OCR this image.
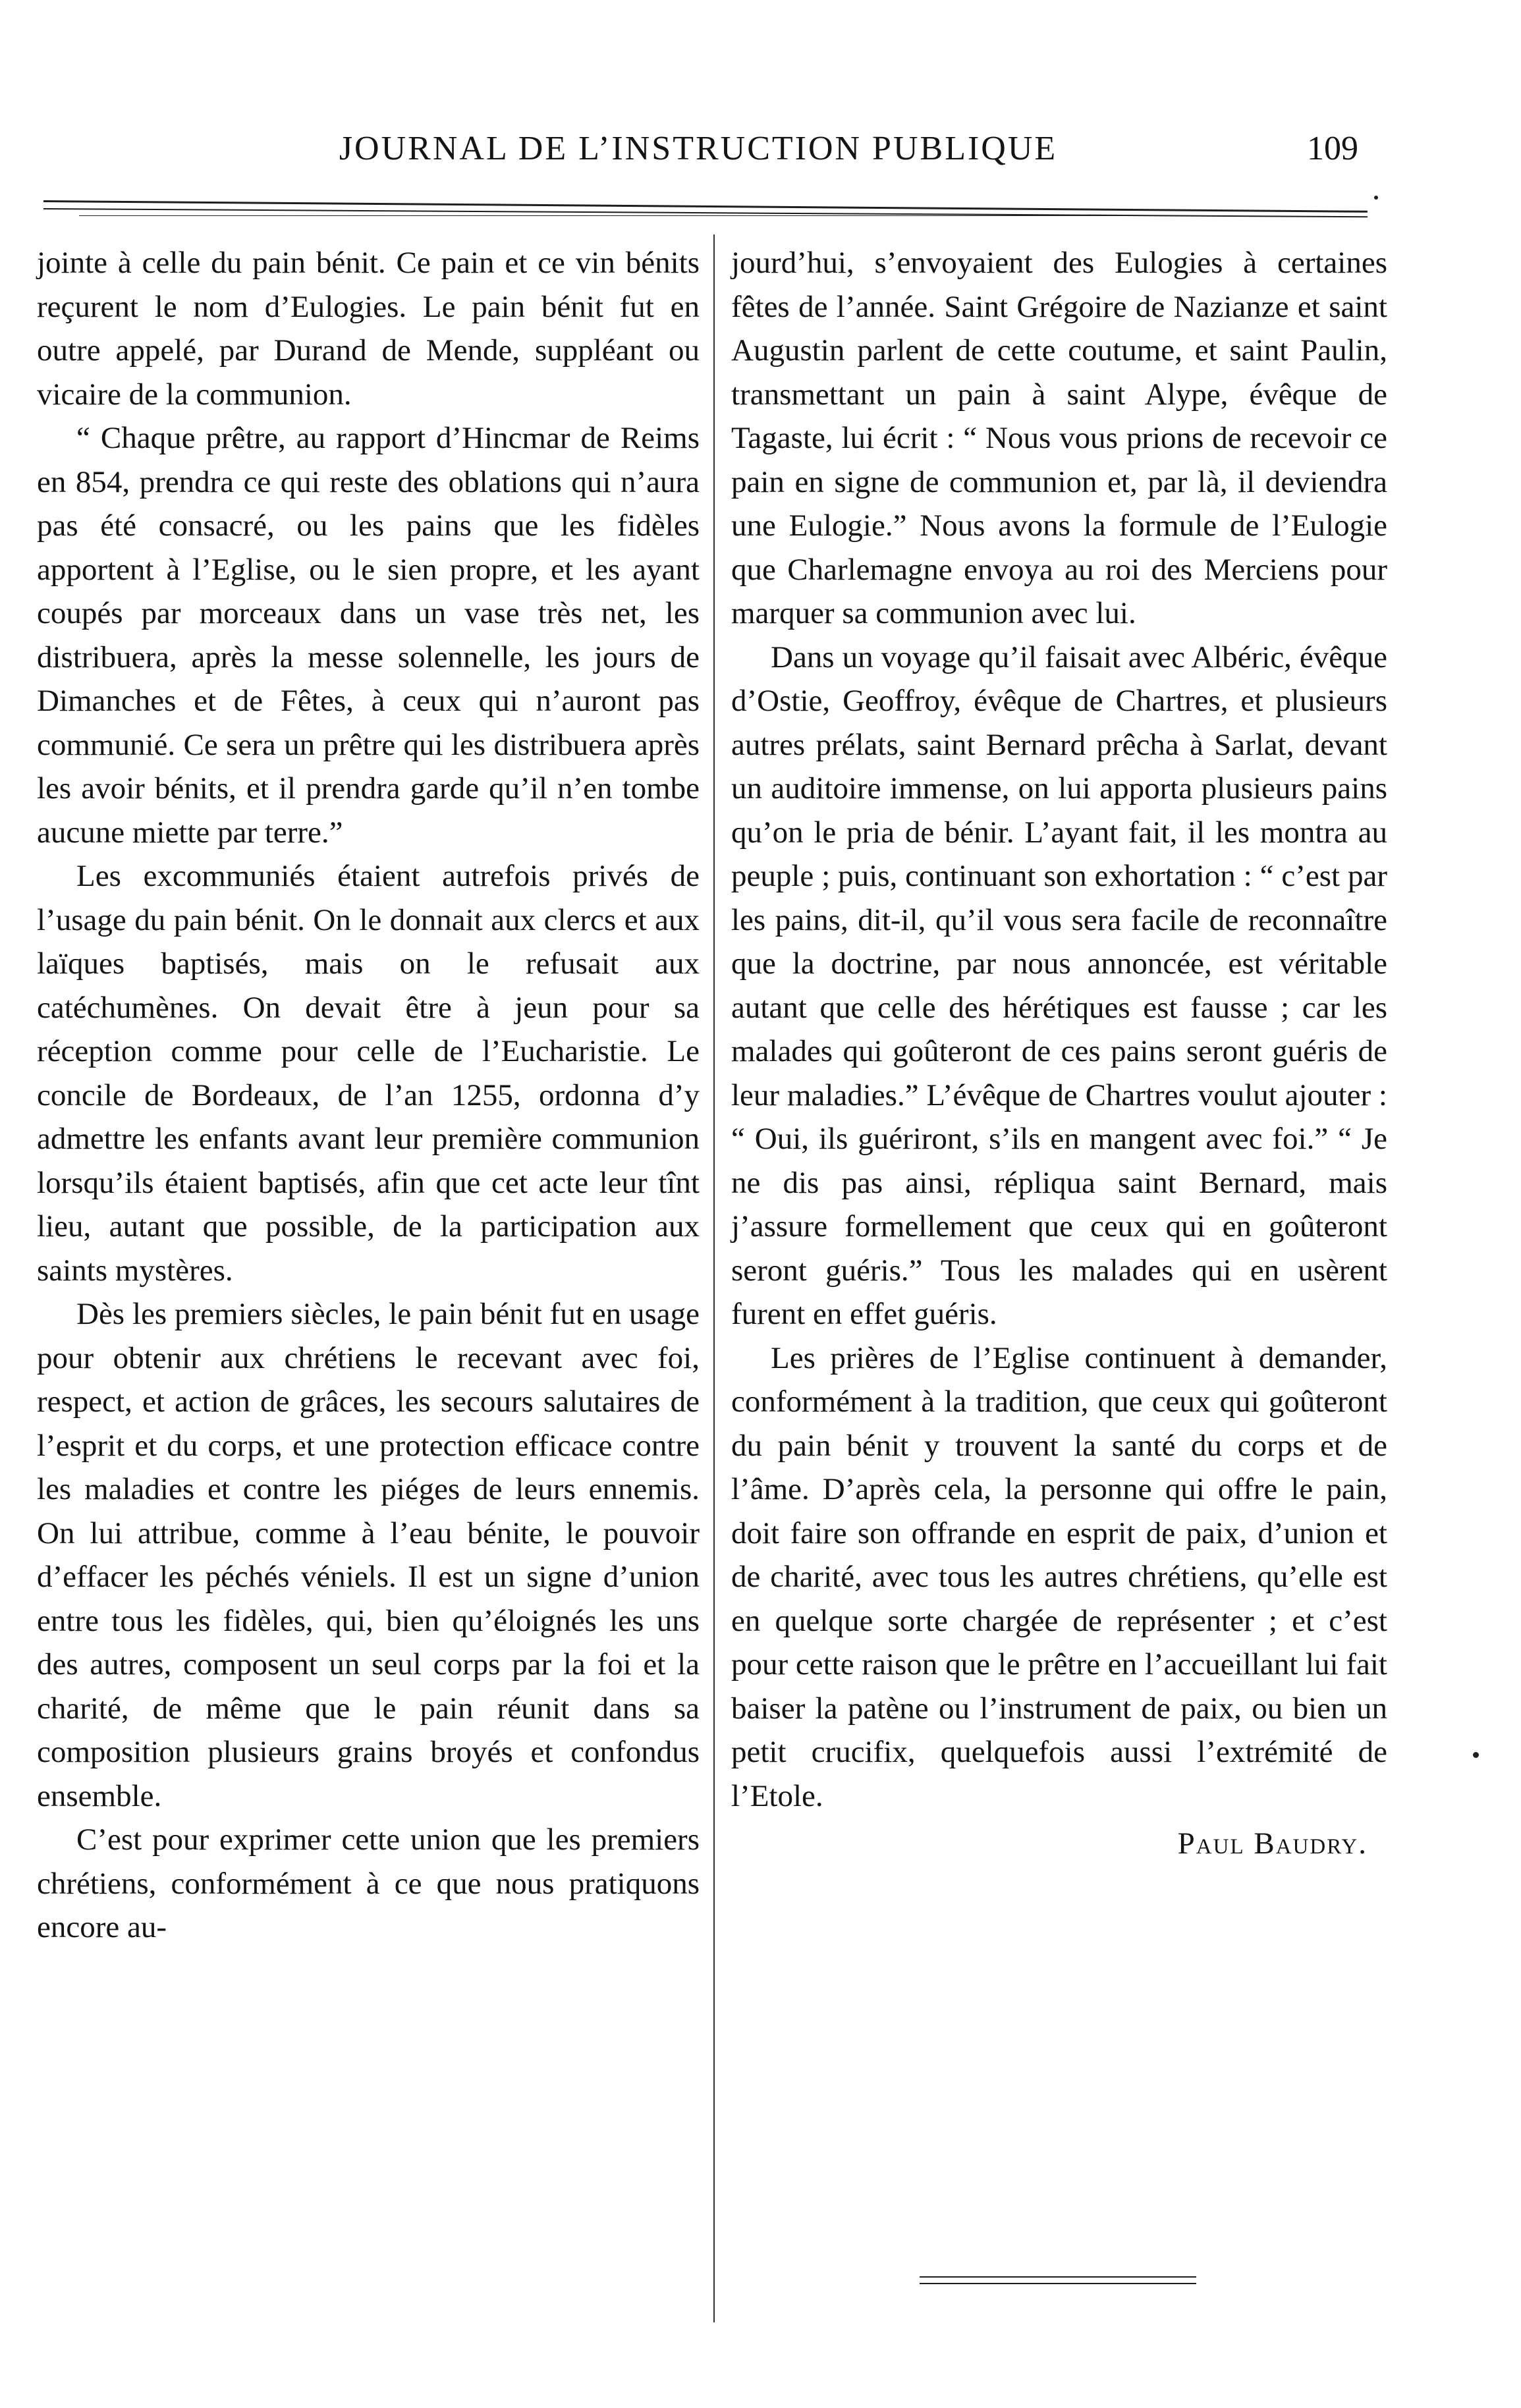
JOURNAL DE L’INSTRUCTION PUBLIQUE	109

jointe à celle du pain bénit. Ce pain et ce vin bénits reçurent le nom d’Eulogies. Le pain bénit fut en outre appelé, par Durand de Mende, suppléant ou vicaire de la communion.

“ Chaque prêtre, au rapport d’Hincmar de Reims en 854, prendra ce qui reste des oblations qui n’aura pas été consacré, ou les pains que les fidèles apportent à l’Eglise, ou le sien propre, et les ayant coupés par morceaux dans un vase très net, les distribuera, après la messe solennelle, les jours de Dimanches et de Fêtes, à ceux qui n’auront pas communié. Ce sera un prêtre qui les distribuera après les avoir bénits, et il prendra garde qu’il n’en tombe aucune miette par terre.”

Les excommuniés étaient autrefois privés de l’usage du pain bénit. On le donnait aux clercs et aux laïques baptisés, mais on le refusait aux catéchumènes. On devait être à jeun pour sa réception comme pour celle de l’Eucharistie. Le concile de Bordeaux, de l’an 1255, ordonna d’y admettre les enfants avant leur première communion lorsqu’ils étaient baptisés, afin que cet acte leur tînt lieu, autant que possible, de la participation aux saints mystères.

Dès les premiers siècles, le pain bénit fut en usage pour obtenir aux chrétiens le recevant avec foi, respect, et action de grâces, les secours salutaires de l’esprit et du corps, et une protection efficace contre les maladies et contre les piéges de leurs ennemis. On lui attribue, comme à l’eau bénite, le pouvoir d’effacer les péchés véniels. Il est un signe d’union entre tous les fidèles, qui, bien qu’éloignés les uns des autres, composent un seul corps par la foi et la charité, de même que le pain réunit dans sa composition plusieurs grains broyés et confondus ensemble.

C’est pour exprimer cette union que les premiers chrétiens, conformément à ce que nous pratiquons encore au-

jourd’hui, s’envoyaient des Eulogies à certaines fêtes de l’année. Saint Grégoire de Nazianze et saint Augustin parlent de cette coutume, et saint Paulin, transmettant un pain à saint Alype, évêque de Tagaste, lui écrit : “ Nous vous prions de recevoir ce pain en signe de communion et, par là, il deviendra une Eulogie.” Nous avons la formule de l’Eulogie que Charlemagne envoya au roi des Merciens pour marquer sa communion avec lui.

Dans un voyage qu’il faisait avec Albéric, évêque d’Ostie, Geoffroy, évêque de Chartres, et plusieurs autres prélats, saint Bernard prêcha à Sarlat, devant un auditoire immense, on lui apporta plusieurs pains qu’on le pria de bénir. L’ayant fait, il les montra au peuple ; puis, continuant son exhortation : “ c’est par les pains, dit-il, qu’il vous sera facile de reconnaître que la doctrine, par nous annoncée, est véritable autant que celle des hérétiques est fausse ; car les malades qui goûteront de ces pains seront guéris de leur maladies.” L’évêque de Chartres voulut ajouter : “ Oui, ils guériront, s’ils en mangent avec foi.” “ Je ne dis pas ainsi, répliqua saint Bernard, mais j’assure formellement que ceux qui en goûteront seront guéris.” Tous les malades qui en usèrent furent en effet guéris.

Les prières de l’Eglise continuent à demander, conformément à la tradition, que ceux qui goûteront du pain bénit y trouvent la santé du corps et de l’âme. D’après cela, la personne qui offre le pain, doit faire son offrande en esprit de paix, d’union et de charité, avec tous les autres chrétiens, qu’elle est en quelque sorte chargée de représenter ; et c’est pour cette raison que le prêtre en l’accueillant lui fait baiser la patène ou l’instrument de paix, ou bien un petit crucifix, quelquefois aussi l’extrémité de l’Etole.

Paul Baudry.
